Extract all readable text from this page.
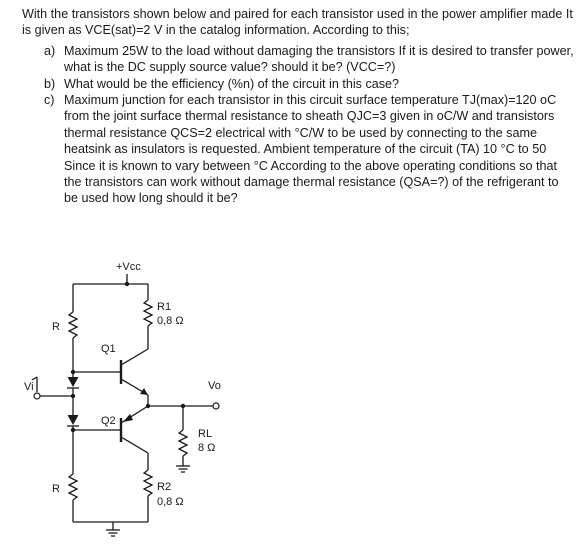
With the transistors shown below and paired for each transistor used in the power amplifier made It is given as VCE(sat)=2 V in the catalog information. According to this;

a) Maximum 25W to the load without damaging the transistors If it is desired to transfer power, what is the DC supply source value? should it be? (VCC=?)
b) What would be the efficiency (%n) of the circuit in this case?
c) Maximum junction for each transistor in this circuit surface temperature TJ(max)=120 oC from the joint surface thermal resistance to sheath QJC=3 given in oC/W and transistors thermal resistance QCS=2 electrical with °C/W to be used by connecting to the same heatsink as insulators is requested. Ambient temperature of the circuit (TA) 10 °C to 50 Since it is known to vary between °C According to the above operating conditions so that the transistors can work without damage thermal resistance (QSA=?) of the refrigerant to be used how long should it be?
+Vcc
R
R
Q1
Q2
R1
0,8 Ω
R2
0,8 Ω
Vi	Vo
RL
8 Ω
